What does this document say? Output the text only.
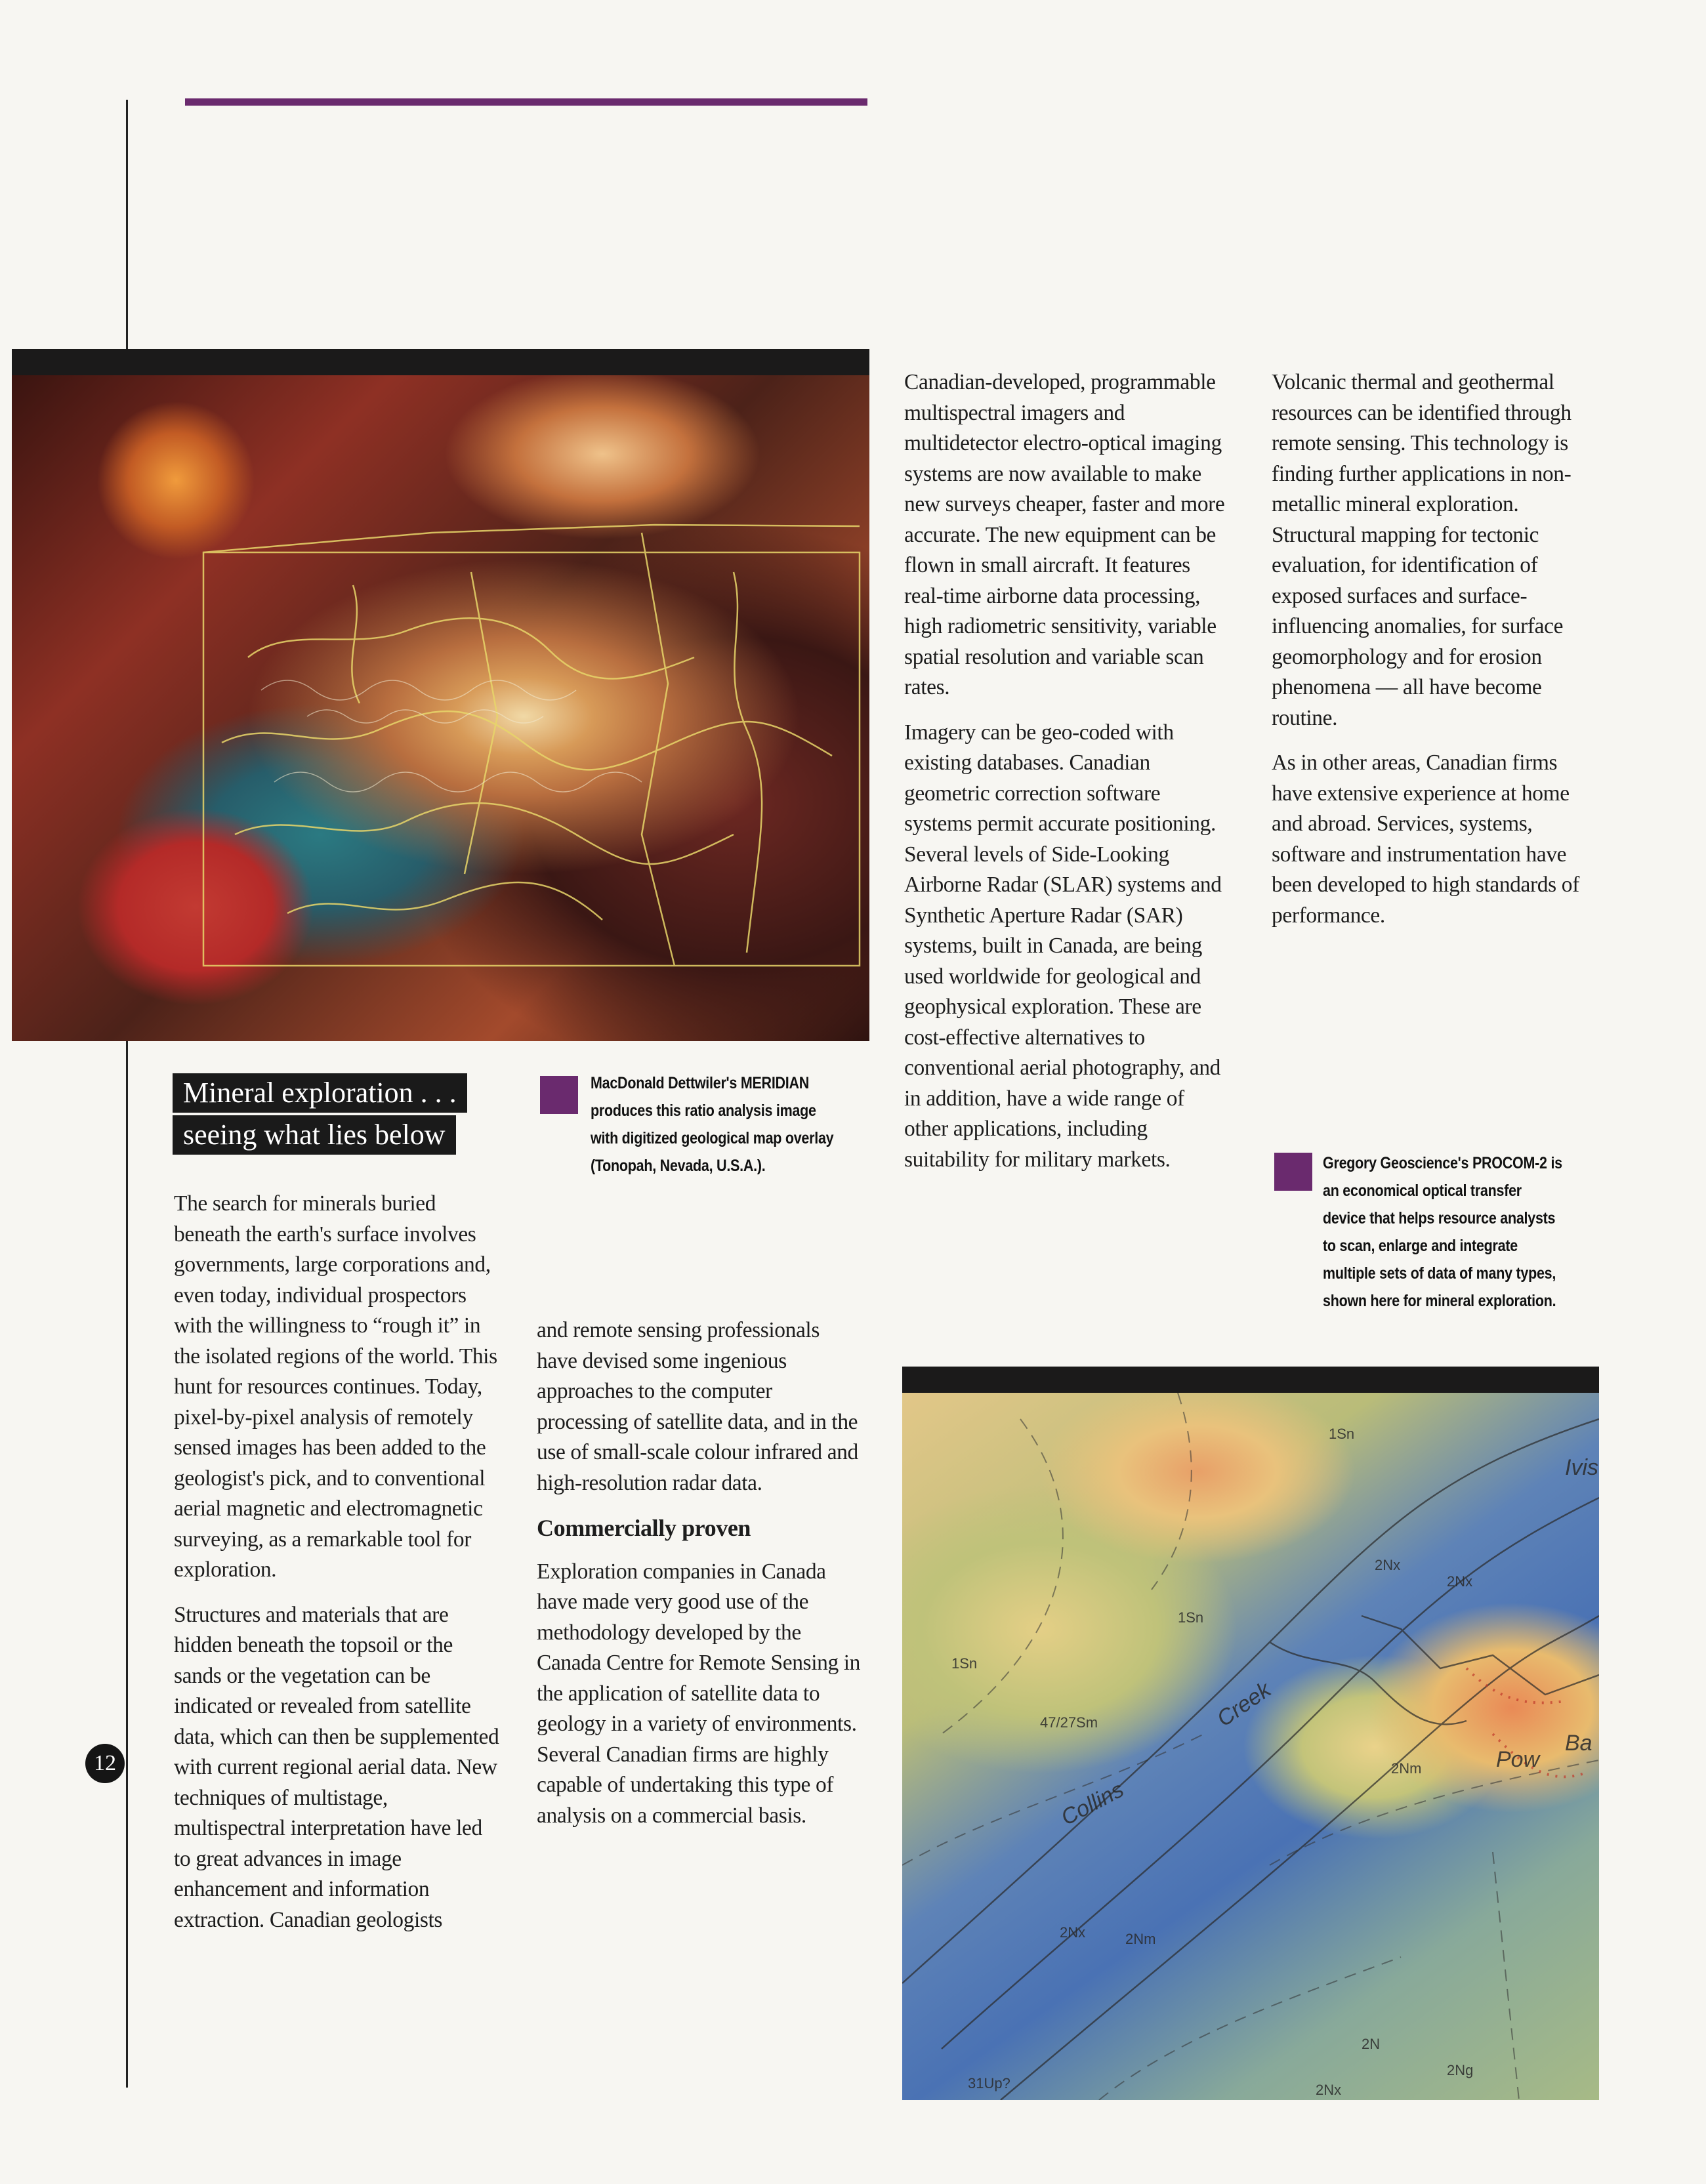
1Sn
Ivis
1Sn
2Nx
2Nx
1Sn
47/27Sm
Collins
Creek
2Nm	Pow
Ba
2Nx	2Nm
2N
2Ng
2Nx
31Up?
Mineral exploration . . .
seeing what lies below
MacDonald Dettwiler's MERIDIAN produces this ratio analysis image with digitized geological map overlay (Tonopah, Nevada, U.S.A.).	Gregory Geoscience's PROCOM-2 is an economical optical transfer device that helps resource analysts to scan, enlarge and integrate multiple sets of data of many types, shown here for mineral exploration.

The search for minerals buried beneath the earth's surface involves governments, large corporations and, even today, individual prospectors with the willingness to “rough it” in the isolated regions of the world. This hunt for resources continues. Today, pixel-by-pixel analysis of remotely sensed images has been added to the geologist's pick, and to conventional aerial magnetic and electromagnetic surveying, as a remarkable tool for exploration.

Structures and materials that are hidden beneath the topsoil or the sands or the vegetation can be indicated or revealed from satellite data, which can then be supplemented with current regional aerial data. New techniques of multistage, multispectral interpretation have led to great advances in image enhancement and information extraction. Canadian geologists

and remote sensing professionals have devised some ingenious approaches to the computer processing of satellite data, and in the use of small-scale colour infrared and high-resolution radar data.

Commercially proven

Exploration companies in Canada have made very good use of the methodology developed by the Canada Centre for Remote Sensing in the application of satellite data to geology in a variety of environments. Several Canadian firms are highly capable of undertaking this type of analysis on a commercial basis.

Canadian-developed, programmable multispectral imagers and multidetector electro-optical imaging systems are now available to make new surveys cheaper, faster and more accurate. The new equipment can be flown in small aircraft. It features real-time airborne data processing, high radiometric sensitivity, variable spatial resolution and variable scan rates.

Imagery can be geo-coded with existing databases. Canadian geometric correction software systems permit accurate positioning. Several levels of Side-Looking Airborne Radar (SLAR) systems and Synthetic Aperture Radar (SAR) systems, built in Canada, are being used worldwide for geological and geophysical exploration. These are cost-effective alternatives to conventional aerial photography, and in addition, have a wide range of other applications, including suitability for military markets.

Volcanic thermal and geothermal resources can be identified through remote sensing. This technology is finding further applications in non-metallic mineral exploration. Structural mapping for tectonic evaluation, for identification of exposed surfaces and surface-influencing anomalies, for surface geomorphology and for erosion phenomena — all have become routine.

As in other areas, Canadian firms have extensive experience at home and abroad. Services, systems, software and instrumentation have been developed to high standards of performance.

12
